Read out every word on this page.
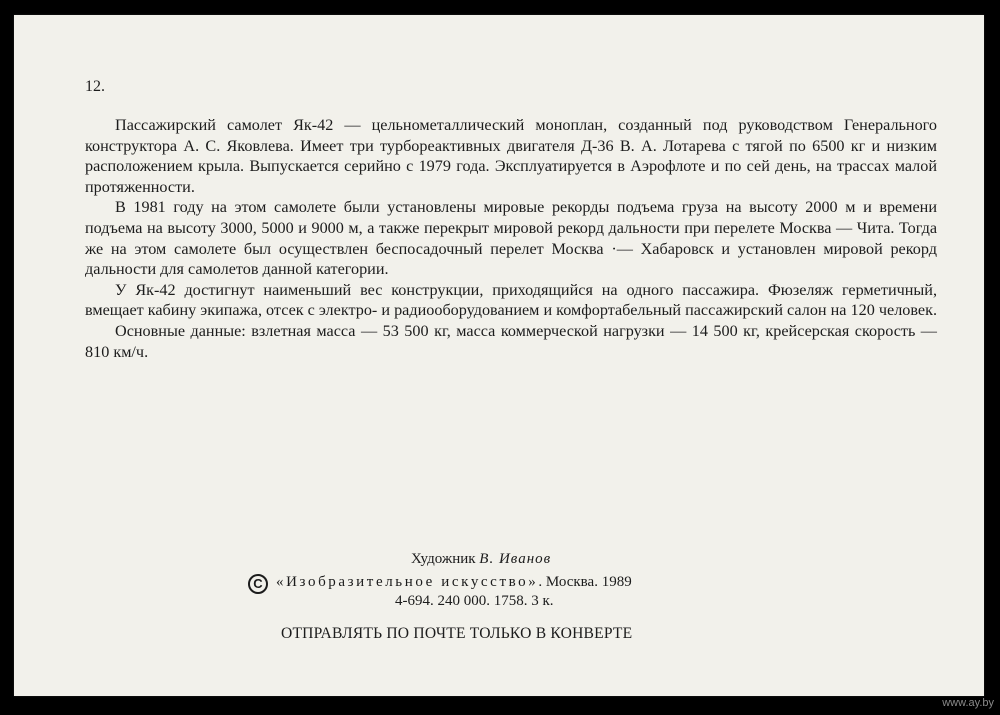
12.

Пассажирский самолет Як-42 — цельнометаллический моноплан, созданный под руководством Генерального конструктора А. С. Яковлева. Имеет три турбореактивных двигателя Д-36 В. А. Лотарева с тягой по 6500 кг и низким расположением крыла. Выпускается серийно с 1979 года. Эксплуатируется в Аэрофлоте и по сей день, на трассах малой протяженности.

В 1981 году на этом самолете были установлены мировые рекорды подъема груза на высоту 2000 м и времени подъема на высоту 3000, 5000 и 9000 м, а также перекрыт мировой рекорд дальности при перелете Москва — Чита. Тогда же на этом самолете был осуществлен беспосадочный перелет Москва ·— Хабаровск и установлен мировой рекорд дальности для самолетов данной категории.

У Як-42 достигнут наименьший вес конструкции, приходящийся на одного пассажира. Фюзеляж герметичный, вмещает кабину экипажа, отсек с электро- и радиооборудованием и комфортабельный пассажирский салон на 120 человек.

Основные данные: взлетная масса — 53 500 кг, масса коммерческой нагрузки — 14 500 кг, крейсерская скорость — 810 км/ч.

Художник В. Иванов
C «Изобразительное искусство». Москва. 1989
4-694. 240 000. 1758. 3 к.
ОТПРАВЛЯТЬ ПО ПОЧТЕ ТОЛЬКО В КОНВЕРТЕ
www.ay.by
